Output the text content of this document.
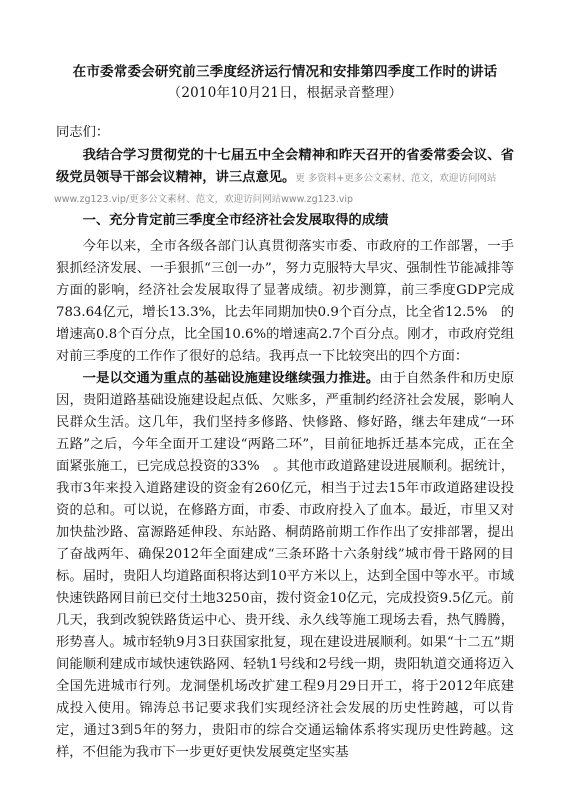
在市委常委会研究前三季度经济运行情况和安排第四季度工作时的讲话
（2010年10月21日，根据录音整理）
同志们：

我结合学习贯彻党的十七届五中全会精神和昨天召开的省委常委会议、省级党员领导干部会议精神，讲三点意见。更 多资料+更多公文素材、范文，欢迎访问网站

www.zg123.vip/更多公文素材、范文，欢迎访问网站www.zg123.vip

一、充分肯定前三季度全市经济社会发展取得的成绩

今年以来，全市各级各部门认真贯彻落实市委、市政府的工作部署，一手狠抓经济发展、一手狠抓“三创一办”，努力克服特大旱灾、强制性节能减排等方面的影响，经济社会发展取得了显著成绩。初步测算，前三季度GDP完成783.64亿元，增长13.3%，比去年同期加快0.9个百分点，比全省12.5%　的增速高0.8个百分点，比全国10.6%的增速高2.7个百分点。刚才，市政府党组对前三季度的工作作了很好的总结。我再点一下比较突出的四个方面：

一是以交通为重点的基础设施建设继续强力推进。由于自然条件和历史原因，贵阳道路基础设施建设起点低、欠账多，严重制约经济社会发展，影响人民群众生活。这几年，我们坚持多修路、快修路、修好路，继去年建成“一环五路”之后，今年全面开工建设“两路二环”，目前征地拆迁基本完成，正在全面紧张施工，已完成总投资的33%　。其他市政道路建设进展顺利。据统计，我市3年来投入道路建设的资金有260亿元，相当于过去15年市政道路建设投资的总和。可以说，在修路方面，市委、市政府投入了血本。最近，市里又对加快盐沙路、富源路延伸段、东站路、桐荫路前期工作作出了安排部署，提出了奋战两年、确保2012年全面建成“三条环路十六条射线”城市骨干路网的目标。届时，贵阳人均道路面积将达到10平方米以上，达到全国中等水平。市域快速铁路网目前已交付土地3250亩，拨付资金10亿元，完成投资9.5亿元。前几天，我到改貌铁路货运中心、贵开线、永久线等施工现场去看，热气腾腾，形势喜人。城市轻轨9月3日获国家批复，现在建设进展顺利。如果“十二五”期间能顺利建成市域快速铁路网、轻轨1号线和2号线一期，贵阳轨道交通将迈入全国先进城市行列。龙洞堡机场改扩建工程9月29日开工，将于2012年底建成投入使用。锦涛总书记要求我们实现经济社会发展的历史性跨越，可以肯定，通过3到5年的努力，贵阳市的综合交通运输体系将实现历史性跨越。这样，不但能为我市下一步更好更快发展奠定坚实基
